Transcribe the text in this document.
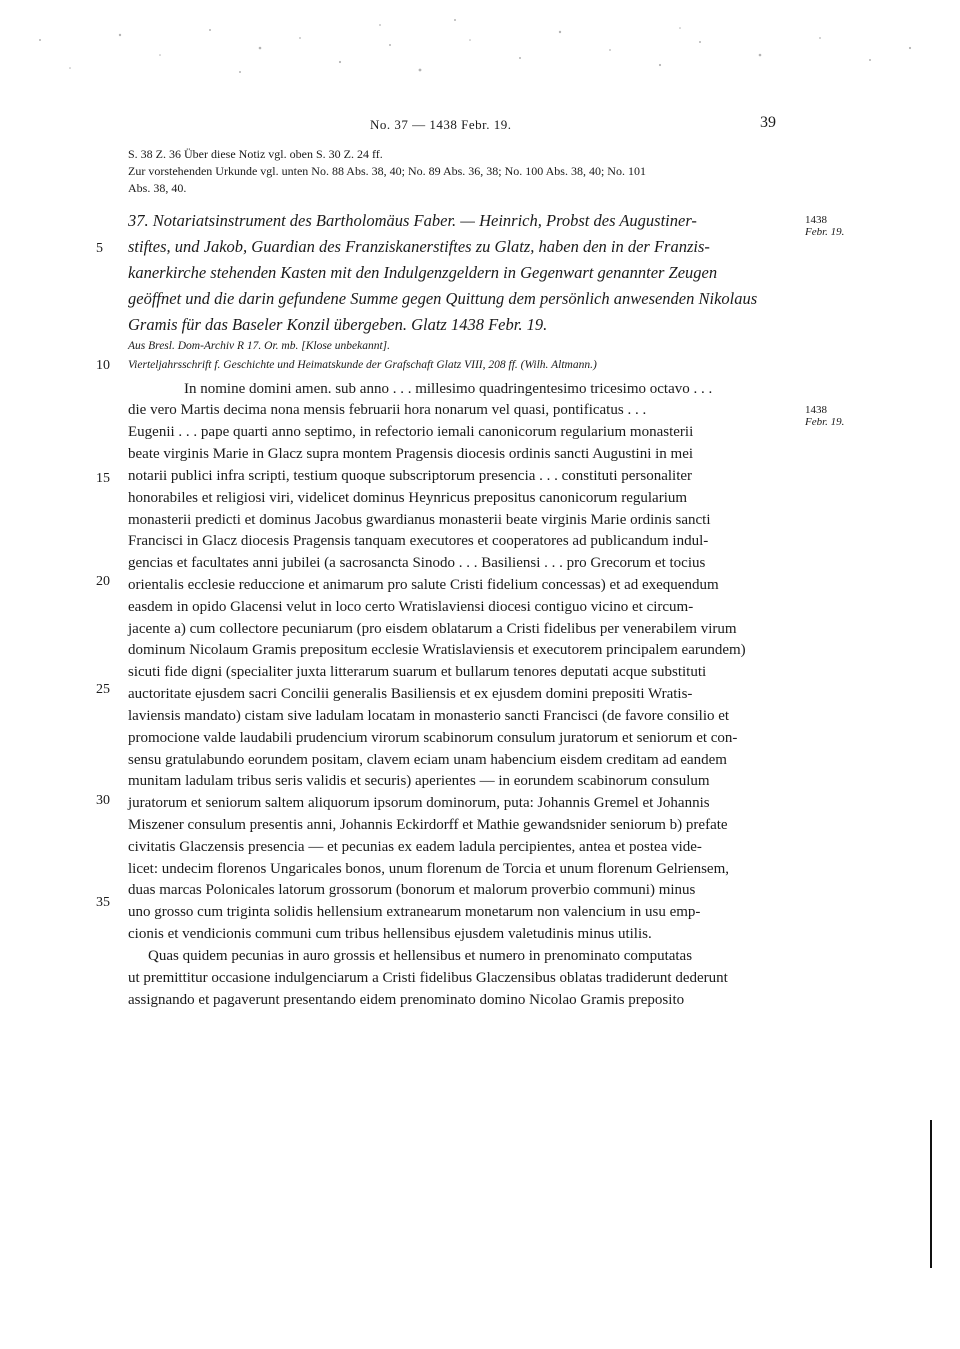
No. 37 — 1438 Febr. 19.	39
S. 38 Z. 36 Über diese Notiz vgl. oben S. 30 Z. 24 ff.
Zur vorstehenden Urkunde vgl. unten No. 88 Abs. 38, 40; No. 89 Abs. 36, 38; No. 100 Abs. 38, 40; No. 101
Abs. 38, 40.
37. Notariatsinstrument des Bartholomäus Faber. — Heinrich, Probst des Augustiner-
stiftes, und Jakob, Guardian des Franziskanerstiftes zu Glatz, haben den in der Franzis-
kanerkirche stehenden Kasten mit den Indulgenzgeldern in Gegenwart genannter Zeugen
geöffnet und die darin gefundene Summe gegen Quittung dem persönlich anwesenden Nikolaus
Gramis für das Baseler Konzil übergeben. Glatz 1438 Febr. 19.
1438
Febr. 19.
1438
Febr. 19.
Aus Bresl. Dom-Archiv R 17. Or. mb. [Klose unbekannt].
Vierteljahrsschrift f. Geschichte und Heimatskunde der Grafschaft Glatz VIII, 208 ff. (Wilh. Altmann.)
5
10
15
20
25
30
35
In nomine domini amen. sub anno . . . millesimo quadringentesimo tricesimo octavo . . .
die vero Martis decima nona mensis februarii hora nonarum vel quasi, pontificatus . . .
Eugenii . . . pape quarti anno septimo, in refectorio iemali canonicorum regularium monasterii
beate virginis Marie in Glacz supra montem Pragensis diocesis ordinis sancti Augustini in mei
notarii publici infra scripti, testium quoque subscriptorum presencia . . . constituti personaliter
honorabiles et religiosi viri, videlicet dominus Heynricus prepositus canonicorum regularium
monasterii predicti et dominus Jacobus gwardianus monasterii beate virginis Marie ordinis sancti
Francisci in Glacz diocesis Pragensis tanquam executores et cooperatores ad publicandum indul-
gencias et facultates anni jubilei (a sacrosancta Sinodo . . . Basiliensi . . . pro Grecorum et tocius
orientalis ecclesie reduccione et animarum pro salute Cristi fidelium concessas) et ad exequendum
easdem in opido Glacensi velut in loco certo Wratislaviensi diocesi contiguo vicino et circum-
jacente a) cum collectore pecuniarum (pro eisdem oblatarum a Cristi fidelibus per venerabilem virum
dominum Nicolaum Gramis prepositum ecclesie Wratislaviensis et executorem principalem earundem)
sicuti fide digni (specialiter juxta litterarum suarum et bullarum tenores deputati acque substituti
auctoritate ejusdem sacri Concilii generalis Basiliensis et ex ejusdem domini prepositi Wratis-
laviensis mandato) cistam sive ladulam locatam in monasterio sancti Francisci (de favore consilio et
promocione valde laudabili prudencium virorum scabinorum consulum juratorum et seniorum et con-
sensu gratulabundo eorundem positam, clavem eciam unam habencium eisdem creditam ad eandem
munitam ladulam tribus seris validis et securis) aperientes — in eorundem scabinorum consulum
juratorum et seniorum saltem aliquorum ipsorum dominorum, puta: Johannis Gremel et Johannis
Miszener consulum presentis anni, Johannis Eckirdorff et Mathie gewandsnider seniorum b) prefate
civitatis Glaczensis presencia — et pecunias ex eadem ladula percipientes, antea et postea vide-
licet: undecim florenos Ungaricales bonos, unum florenum de Torcia et unum florenum Gelriensem,
duas marcas Polonicales latorum grossorum (bonorum et malorum proverbio communi) minus
uno grosso cum triginta solidis hellensium extranearum monetarum non valencium in usu emp-
cionis et vendicionis communi cum tribus hellensibus ejusdem valetudinis minus utilis.
Quas quidem pecunias in auro grossis et hellensibus et numero in prenominato computatas
ut premittitur occasione indulgenciarum a Cristi fidelibus Glaczensibus oblatas tradiderunt dederunt
assignando et pagaverunt presentando eidem prenominato domino Nicolao Gramis preposito
